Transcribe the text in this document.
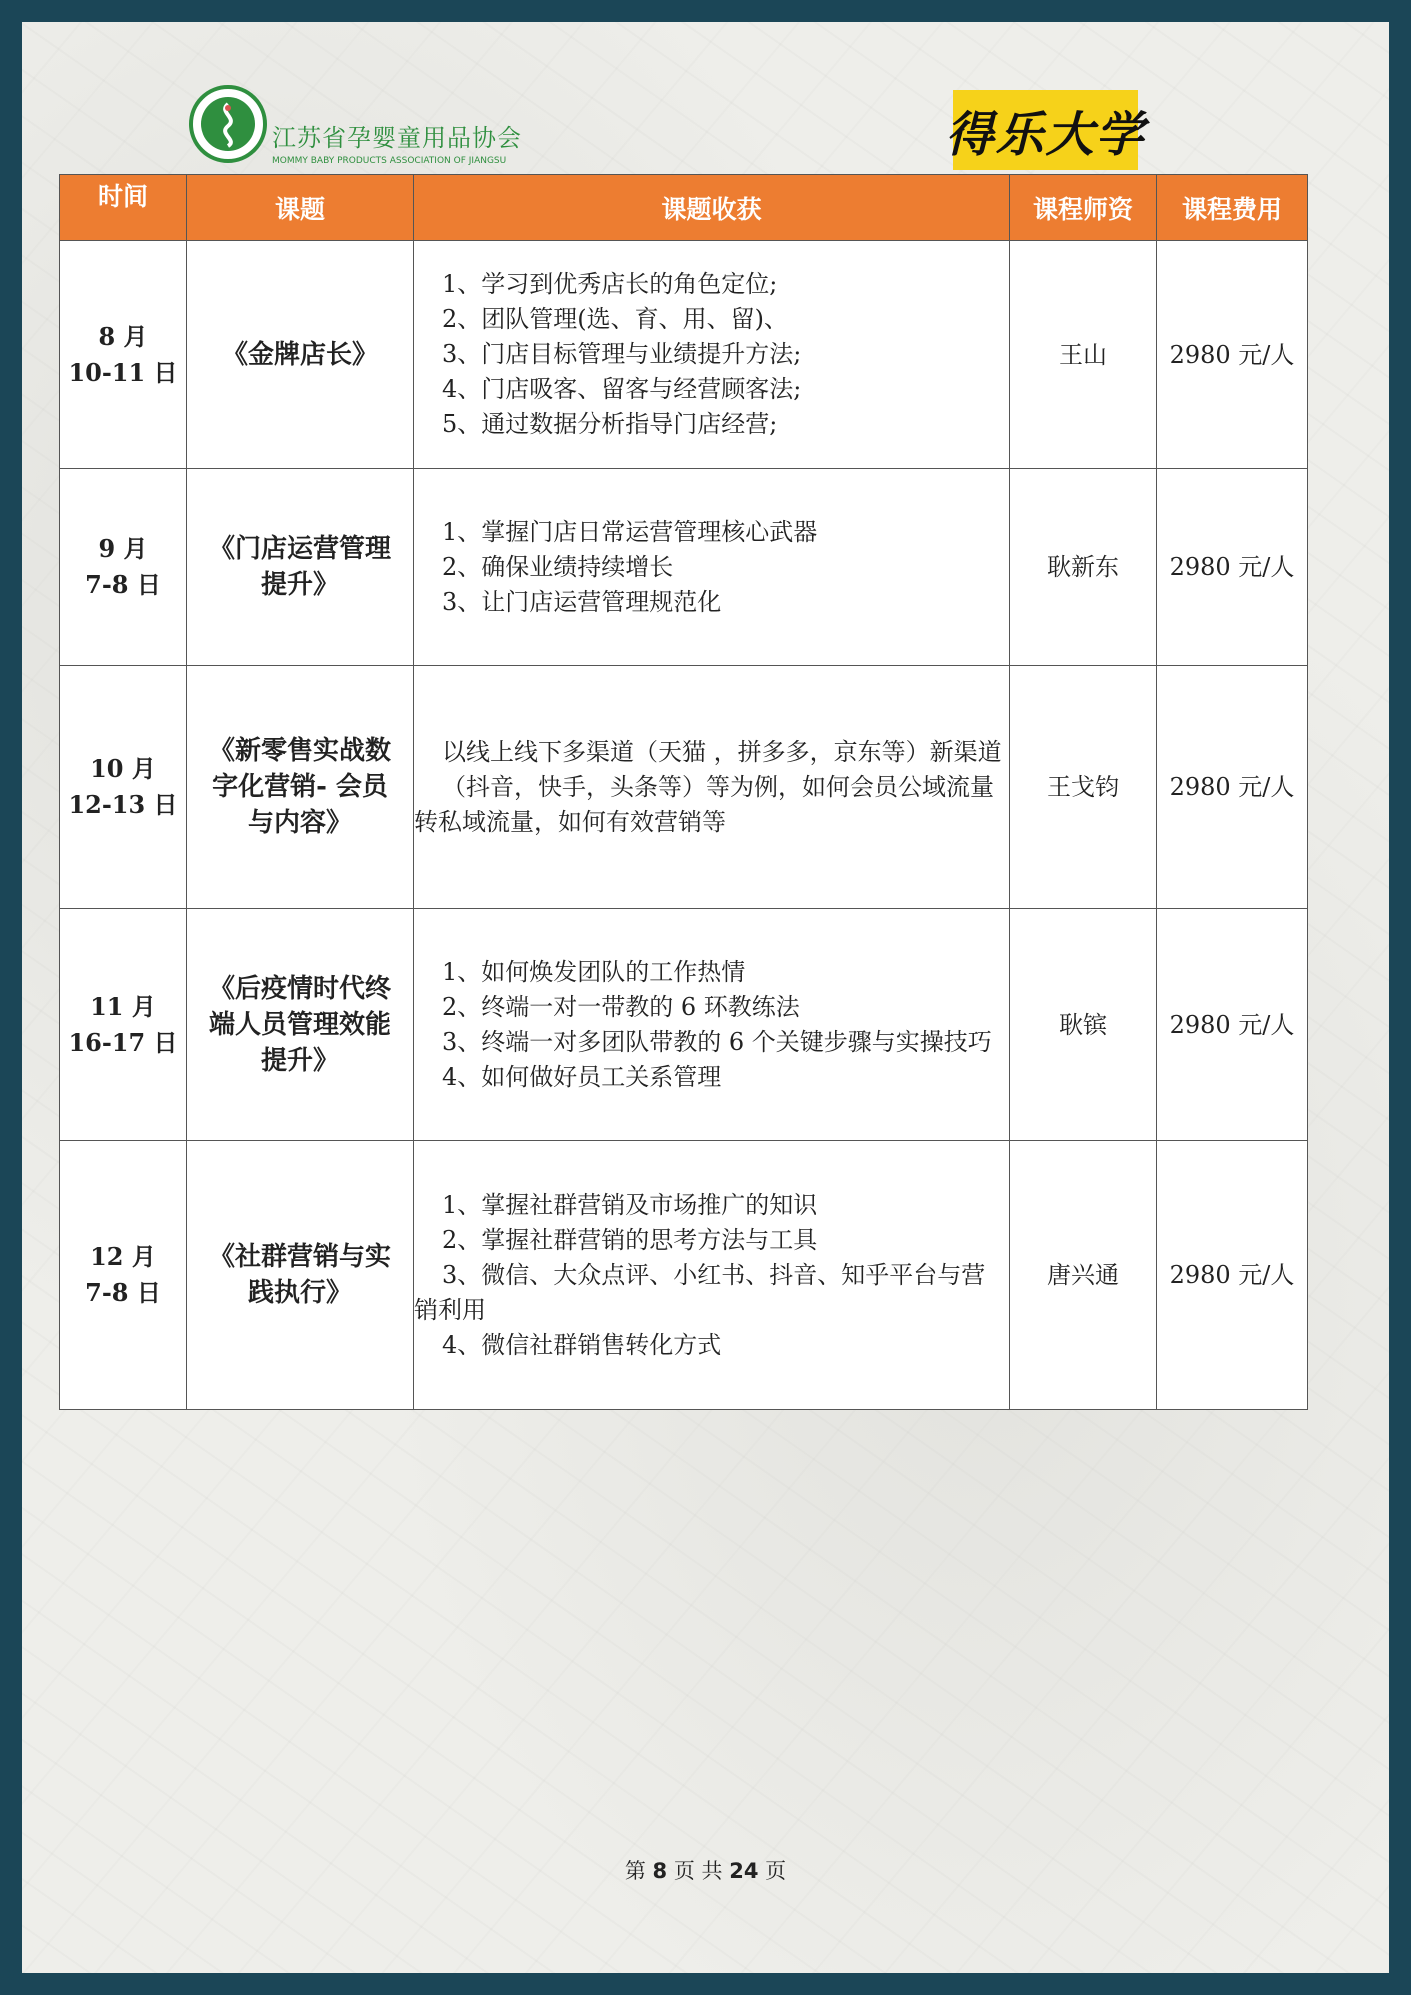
江苏省孕婴童用品协会
MOMMY BABY PRODUCTS ASSOCIATION OF JIANGSU	得乐大学
时间	课题	课题收获	课程师资	课程费用

8 月
10-11 日	《金牌店长》	1、学习到优秀店长的角色定位;
2、团队管理(选、育、用、留)、
3、门店目标管理与业绩提升方法;
4、门店吸客、留客与经营顾客法;
5、通过数据分析指导门店经营;	王山	2980 元/人

9 月
7-8 日	《门店运营管理
提升》	1、掌握门店日常运营管理核心武器
2、确保业绩持续增长
3、让门店运营管理规范化	耿新东	2980 元/人

10 月
12-13 日	《新零售实战数
字化营销- 会员
与内容》	以线上线下多渠道（天猫 ，拼多多，京东等）新渠道
（抖音，快手，头条等）等为例，如何会员公域流量转私域流量，如何有效营销等	王戈钧	2980 元/人

11 月
16-17 日	《后疫情时代终
端人员管理效能
提升》	1、如何焕发团队的工作热情
2、终端一对一带教的 6 环教练法
3、终端一对多团队带教的 6 个关键步骤与实操技巧
4、如何做好员工关系管理	耿镔	2980 元/人

12 月
7-8 日	《社群营销与实
践执行》	1、掌握社群营销及市场推广的知识
2、掌握社群营销的思考方法与工具
3、微信、大众点评、小红书、抖音、知乎平台与营销利用
4、微信社群销售转化方式	唐兴通	2980 元/人
第 8 页 共 24 页
